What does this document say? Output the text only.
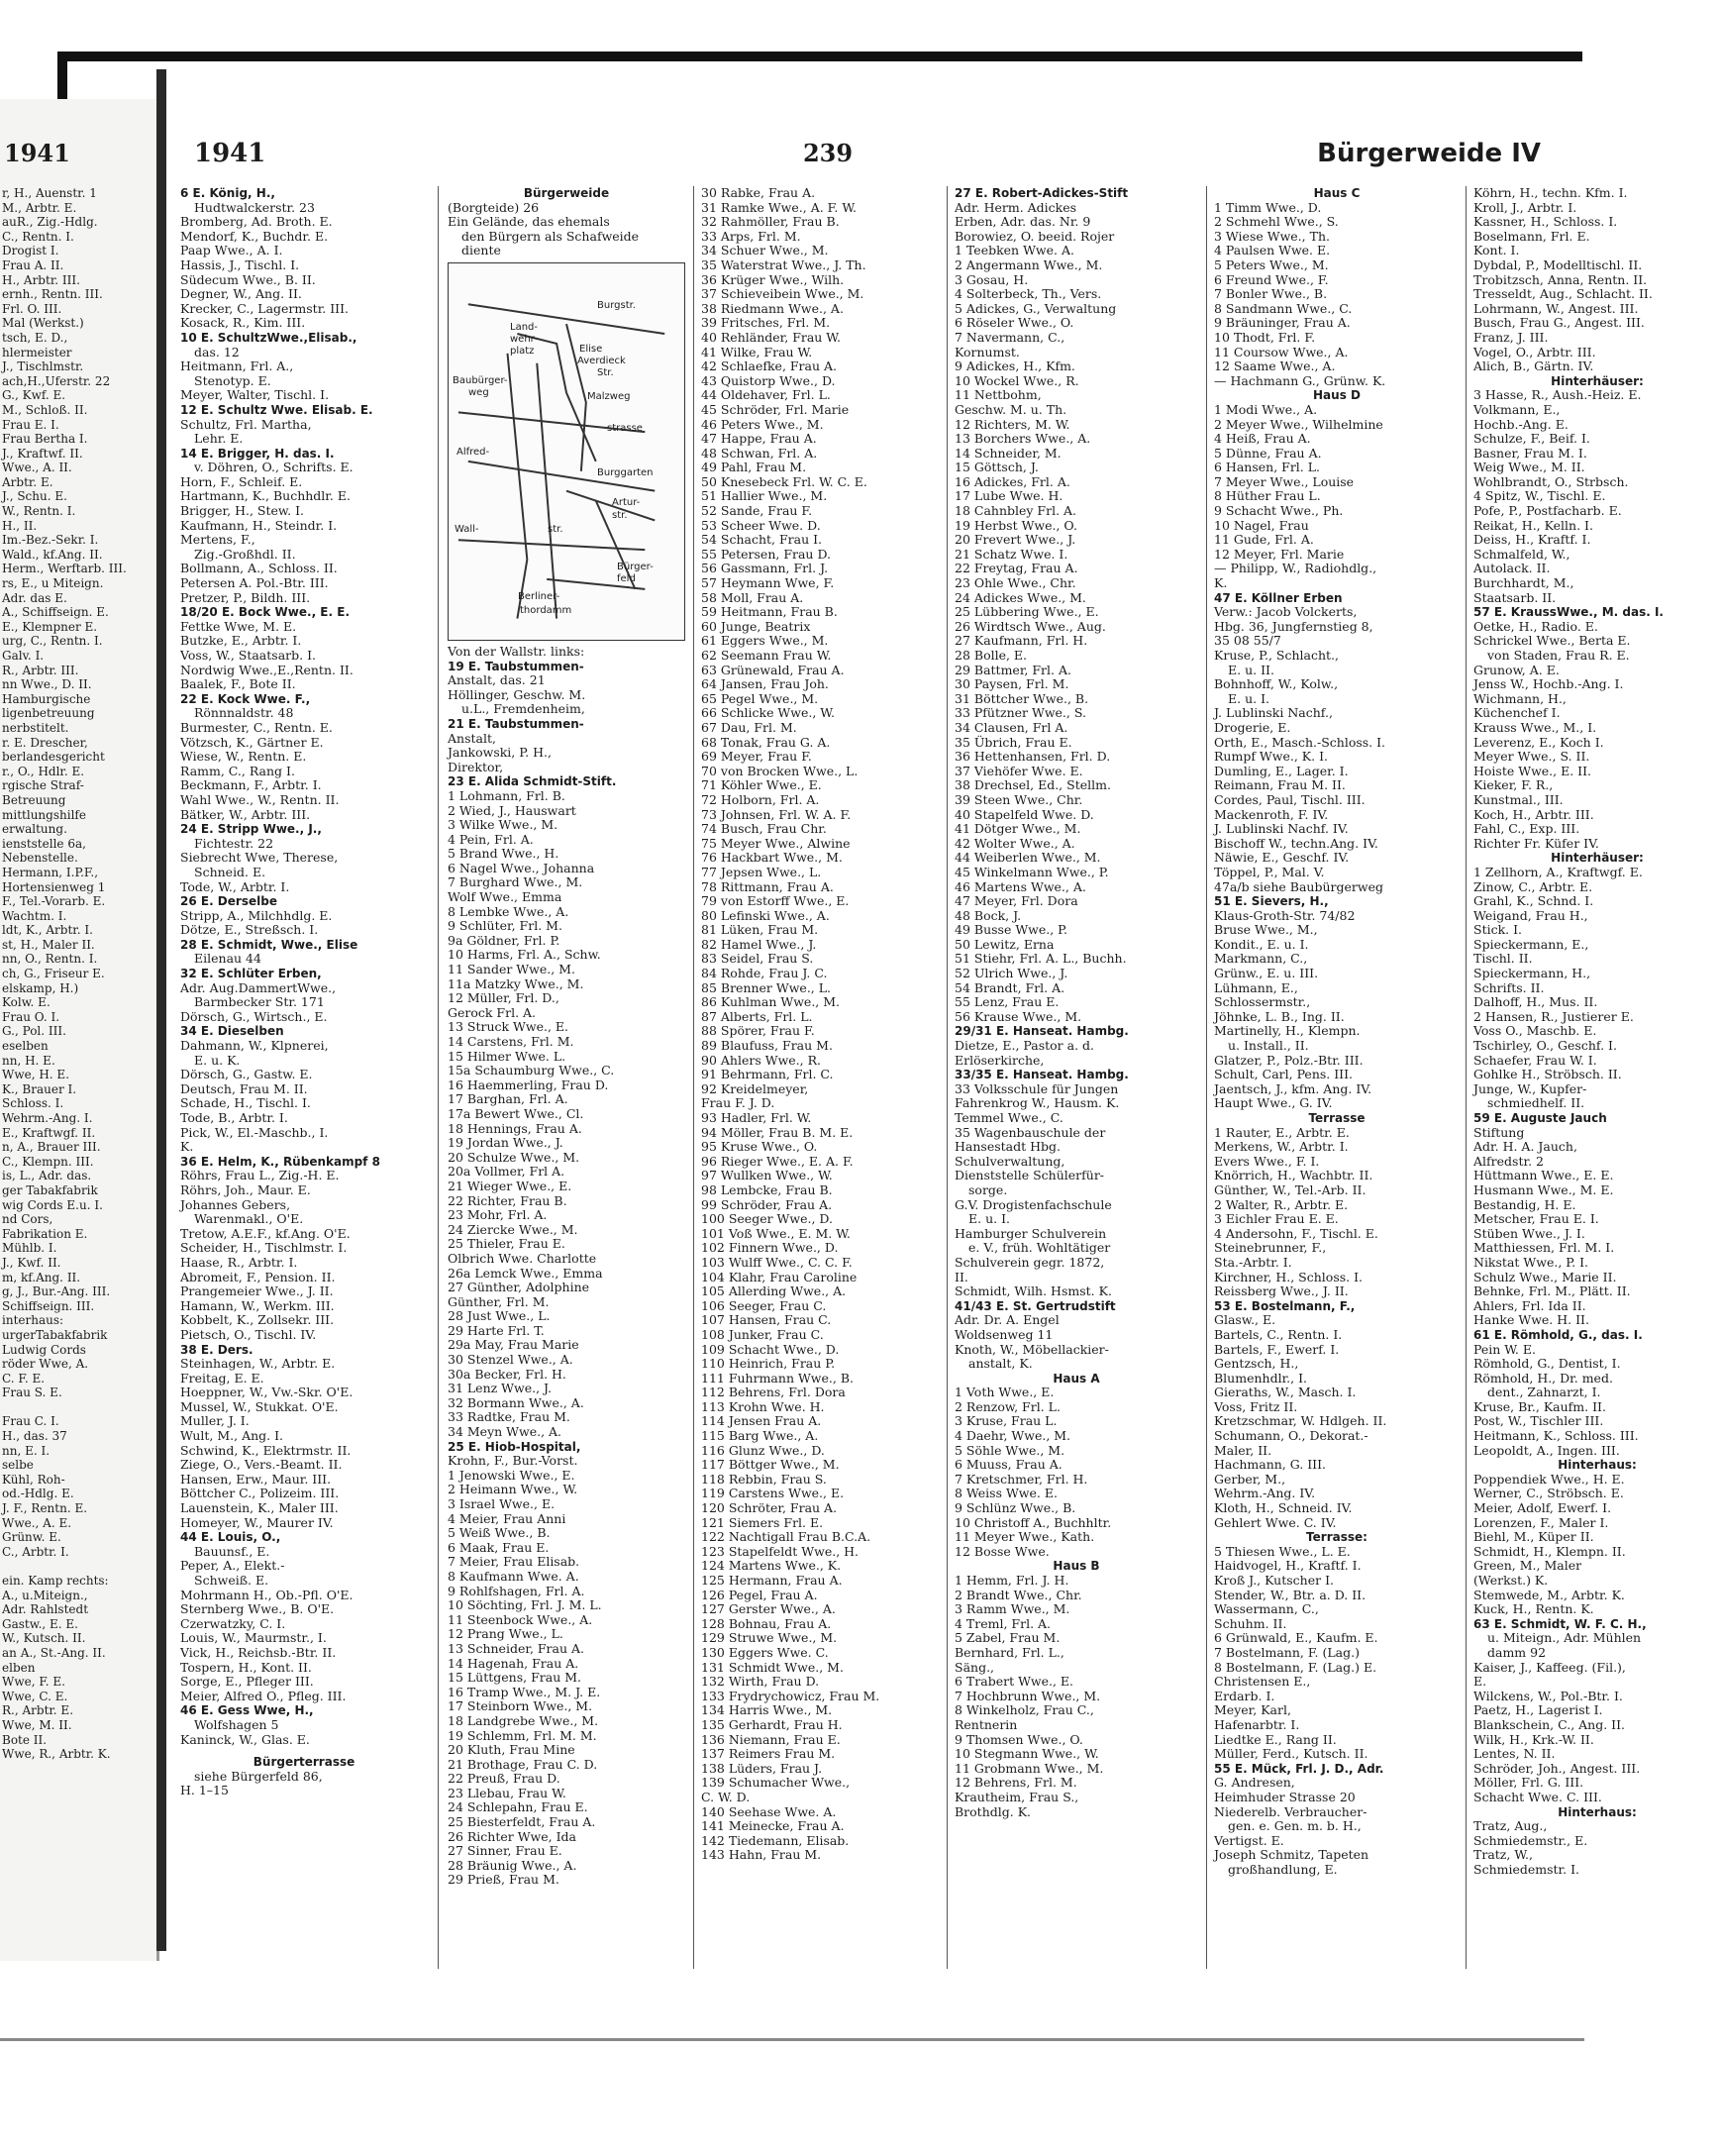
1941
r, H., Auenstr. 1
M., Arbtr. E.
auR., Zig.-Hdlg.
C., Rentn. I.
Drogist I.
Frau A. II.
H., Arbtr. III.
ernh., Rentn. III.
Frl. O. III.
Mal (Werkst.)
tsch, E. D.,
hlermeister
J., Tischlmstr.
ach,H.,Uferstr. 22
G., Kwf. E.
M., Schloß. II.
Frau E. I.
Frau Bertha I.
J., Kraftwf. II.
Wwe., A. II.
Arbtr. E.
J., Schu. E.
W., Rentn. I.
H., II.
Im.-Bez.-Sekr. I.
Wald., kf.Ang. II.
Herm., Werftarb. III.
rs, E., u Miteign.
Adr. das E.
A., Schiffseign. E.
E., Klempner E.
urg, C., Rentn. I.
Galv. I.
R., Arbtr. III.
nn Wwe., D. II.
Hamburgische
ligenbetreuung
nerbstitelt.
r. E. Drescher,
berlandesgericht
r., O., Hdlr. E.
rgische Straf-
Betreuung
mittlungshilfe
erwaltung.
ienststelle 6a,
Nebenstelle.
Hermann, I.P.F.,
Hortensienweg 1
F., Tel.-Vorarb. E.
Wachtm. I.
ldt, K., Arbtr. I.
st, H., Maler II.
nn, O., Rentn. I.
ch, G., Friseur E.
elskamp, H.)
Kolw. E.
Frau O. I.
G., Pol. III.
eselben
nn, H. E.
Wwe, H. E.
K., Brauer I.
Schloss. I.
Wehrm.-Ang. I.
E., Kraftwgf. II.
n, A., Brauer III.
C., Klempn. III.
is, L., Adr. das.
ger Tabakfabrik
wig Cords E.u. I.
nd Cors,
Fabrikation E.
Mühlb. I.
J., Kwf. II.
m, kf.Ang. II.
g, J., Bur.-Ang. III.
Schiffseign. III.
interhaus:
urgerTabakfabrik
Ludwig Cords
röder Wwe, A.
C. F. E.
Frau S. E.
Frau C. I.
H., das. 37
nn, E. I.
selbe
Kühl, Roh-
od.-Hdlg. E.
J. F., Rentn. E.
Wwe., A. E.
Grünw. E.
C., Arbtr. I.
ein. Kamp rechts:
A., u.Miteign.,
Adr. Rahlstedt
Gastw., E. E.
W., Kutsch. II.
an A., St.-Ang. II.
elben
Wwe, F. E.
Wwe, C. E.
R., Arbtr. E.
Wwe, M. II.
Bote II.
Wwe, R., Arbtr. K.
1941	239	Bürgerweide IV
6 E. König, H.,
Hudtwalckerstr. 23
Bromberg, Ad. Broth. E.
Mendorf, K., Buchdr. E.
Paap Wwe., A. I.
Hassis, J., Tischl. I.
Südecum Wwe., B. II.
Degner, W., Ang. II.
Krecker, C., Lagermstr. III.
Kosack, R., Kim. III.
10 E. SchultzWwe.,Elisab.,
das. 12
Heitmann, Frl. A.,
Stenotyp. E.
Meyer, Walter, Tischl. I.
12 E. Schultz Wwe. Elisab. E.
Schultz, Frl. Martha,
Lehr. E.
14 E. Brigger, H. das. I.
v. Döhren, O., Schrifts. E.
Horn, F., Schleif. E.
Hartmann, K., Buchhdlr. E.
Brigger, H., Stew. I.
Kaufmann, H., Steindr. I.
Mertens, F.,
Zig.-Großhdl. II.
Bollmann, A., Schloss. II.
Petersen A. Pol.-Btr. III.
Pretzer, P., Bildh. III.
18/20 E. Bock Wwe., E. E.
Fettke Wwe, M. E.
Butzke, E., Arbtr. I.
Voss, W., Staatsarb. I.
Nordwig Wwe.,E.,Rentn. II.
Baalek, F., Bote II.
22 E. Kock Wwe. F.,
Rönnnaldstr. 48
Burmester, C., Rentn. E.
Vötzsch, K., Gärtner E.
Wiese, W., Rentn. E.
Ramm, C., Rang I.
Beckmann, F., Arbtr. I.
Wahl Wwe., W., Rentn. II.
Bätker, W., Arbtr. III.
24 E. Stripp Wwe., J.,
Fichtestr. 22
Siebrecht Wwe, Therese,
Schneid. E.
Tode, W., Arbtr. I.
26 E. Derselbe
Stripp, A., Milchhdlg. E.
Dötze, E., Streßsch. I.
28 E. Schmidt, Wwe., Elise
Eilenau 44
32 E. Schlüter Erben,
Adr. Aug.DammertWwe.,
Barmbecker Str. 171
Dörsch, G., Wirtsch., E.
34 E. Dieselben
Dahmann, W., Klpnerei,
E. u. K.
Dörsch, G., Gastw. E.
Deutsch, Frau M. II.
Schade, H., Tischl. I.
Tode, B., Arbtr. I.
Pick, W., El.-Maschb., I.
K.
36 E. Helm, K., Rübenkampf 8
Röhrs, Frau L., Zig.-H. E.
Röhrs, Joh., Maur. E.
Johannes Gebers,
Warenmakl., O'E.
Tretow, A.E.F., kf.Ang. O'E.
Scheider, H., Tischlmstr. I.
Haase, R., Arbtr. I.
Abromeit, F., Pension. II.
Prangemeier Wwe., J. II.
Hamann, W., Werkm. III.
Kobbelt, K., Zollsekr. III.
Pietsch, O., Tischl. IV.
38 E. Ders.
Steinhagen, W., Arbtr. E.
Freitag, E. E.
Hoeppner, W., Vw.-Skr. O'E.
Mussel, W., Stukkat. O'E.
Muller, J. I.
Wult, M., Ang. I.
Schwind, K., Elektrmstr. II.
Ziege, O., Vers.-Beamt. II.
Hansen, Erw., Maur. III.
Böttcher C., Polizeim. III.
Lauenstein, K., Maler III.
Homeyer, W., Maurer IV.
44 E. Louis, O.,
Bauunsf., E.
Peper, A., Elekt.-
Schweiß. E.
Mohrmann H., Ob.-Pfl. O'E.
Sternberg Wwe., B. O'E.
Czerwatzky, C. I.
Louis, W., Maurmstr., I.
Vick, H., Reichsb.-Btr. II.
Tospern, H., Kont. II.
Sorge, E., Pfleger III.
Meier, Alfred O., Pfleg. III.
46 E. Gess Wwe, H.,
Wolfshagen 5
Kaninck, W., Glas. E.
Bürgerterrasse
siehe Bürgerfeld 86,
H. 1–15
Bürgerweide
(Borgteide) 26
Ein Gelände, das ehemals
den Bürgern als Schafweide
diente
Burgstr.
Land-
wehr-
platz	Elise
Averdieck
Str.
Malzweg
Baubürger-
weg
strasse
Alfred-
Burggarten
Artur-
str.
Wall-	str.
Berliner-
thordamm
Bürger-
feld
Von der Wallstr. links:
19 E. Taubstummen-
Anstalt, das. 21
Höllinger, Geschw. M.
u.L., Fremdenheim,
21 E. Taubstummen-
Anstalt,
Jankowski, P. H.,
Direktor,
23 E. Alida Schmidt-Stift.
1 Lohmann, Frl. B.
2 Wied, J., Hauswart
3 Wilke Wwe., M.
4 Pein, Frl. A.
5 Brand Wwe., H.
6 Nagel Wwe., Johanna
7 Burghard Wwe., M.
Wolf Wwe., Emma
8 Lembke Wwe., A.
9 Schlüter, Frl. M.
9a Göldner, Frl. P.
10 Harms, Frl. A., Schw.
11 Sander Wwe., M.
11a Matzky Wwe., M.
12 Müller, Frl. D.,
Gerock Frl. A.
13 Struck Wwe., E.
14 Carstens, Frl. M.
15 Hilmer Wwe. L.
15a Schaumburg Wwe., C.
16 Haemmerling, Frau D.
17 Barghan, Frl. A.
17a Bewert Wwe., Cl.
18 Hennings, Frau A.
19 Jordan Wwe., J.
20 Schulze Wwe., M.
20a Vollmer, Frl A.
21 Wieger Wwe., E.
22 Richter, Frau B.
23 Mohr, Frl. A.
24 Ziercke Wwe., M.
25 Thieler, Frau E.
Olbrich Wwe. Charlotte
26a Lemck Wwe., Emma
27 Günther, Adolphine
Günther, Frl. M.
28 Just Wwe., L.
29 Harte Frl. T.
29a May, Frau Marie
30 Stenzel Wwe., A.
30a Becker, Frl. H.
31 Lenz Wwe., J.
32 Bormann Wwe., A.
33 Radtke, Frau M.
34 Meyn Wwe., A.
25 E. Hiob-Hospital,
Krohn, F., Bur.-Vorst.
1 Jenowski Wwe., E.
2 Heimann Wwe., W.
3 Israel Wwe., E.
4 Meier, Frau Anni
5 Weiß Wwe., B.
6 Maak, Frau E.
7 Meier, Frau Elisab.
8 Kaufmann Wwe. A.
9 Rohlfshagen, Frl. A.
10 Söchting, Frl. J. M. L.
11 Steenbock Wwe., A.
12 Prang Wwe., L.
13 Schneider, Frau A.
14 Hagenah, Frau A.
15 Lüttgens, Frau M.
16 Tramp Wwe., M. J. E.
17 Steinborn Wwe., M.
18 Landgrebe Wwe., M.
19 Schlemm, Frl. M. M.
20 Kluth, Frau Mine
21 Brothage, Frau C. D.
22 Preuß, Frau D.
23 Llebau, Frau W.
24 Schlepahn, Frau E.
25 Biesterfeldt, Frau A.
26 Richter Wwe, Ida
27 Sinner, Frau E.
28 Bräunig Wwe., A.
29 Prieß, Frau M.
30 Rabke, Frau A.
31 Ramke Wwe., A. F. W.
32 Rahmöller, Frau B.
33 Arps, Frl. M.
34 Schuer Wwe., M.
35 Waterstrat Wwe., J. Th.
36 Krüger Wwe., Wilh.
37 Schieveibein Wwe., M.
38 Riedmann Wwe., A.
39 Fritsches, Frl. M.
40 Rehländer, Frau W.
41 Wilke, Frau W.
42 Schlaefke, Frau A.
43 Quistorp Wwe., D.
44 Oldehaver, Frl. L.
45 Schröder, Frl. Marie
46 Peters Wwe., M.
47 Happe, Frau A.
48 Schwan, Frl. A.
49 Pahl, Frau M.
50 Knesebeck Frl. W. C. E.
51 Hallier Wwe., M.
52 Sande, Frau F.
53 Scheer Wwe. D.
54 Schacht, Frau I.
55 Petersen, Frau D.
56 Gassmann, Frl. J.
57 Heymann Wwe, F.
58 Moll, Frau A.
59 Heitmann, Frau B.
60 Junge, Beatrix
61 Eggers Wwe., M.
62 Seemann Frau W.
63 Grünewald, Frau A.
64 Jansen, Frau Joh.
65 Pegel Wwe., M.
66 Schlicke Wwe., W.
67 Dau, Frl. M.
68 Tonak, Frau G. A.
69 Meyer, Frau F.
70 von Brocken Wwe., L.
71 Köhler Wwe., E.
72 Holborn, Frl. A.
73 Johnsen, Frl. W. A. F.
74 Busch, Frau Chr.
75 Meyer Wwe., Alwine
76 Hackbart Wwe., M.
77 Jepsen Wwe., L.
78 Rittmann, Frau A.
79 von Estorff Wwe., E.
80 Lefinski Wwe., A.
81 Lüken, Frau M.
82 Hamel Wwe., J.
83 Seidel, Frau S.
84 Rohde, Frau J. C.
85 Brenner Wwe., L.
86 Kuhlman Wwe., M.
87 Alberts, Frl. L.
88 Spörer, Frau F.
89 Blaufuss, Frau M.
90 Ahlers Wwe., R.
91 Behrmann, Frl. C.
92 Kreidelmeyer,
Frau F. J. D.
93 Hadler, Frl. W.
94 Möller, Frau B. M. E.
95 Kruse Wwe., O.
96 Rieger Wwe., E. A. F.
97 Wullken Wwe., W.
98 Lembcke, Frau B.
99 Schröder, Frau A.
100 Seeger Wwe., D.
101 Voß Wwe., E. M. W.
102 Finnern Wwe., D.
103 Wulff Wwe., C. C. F.
104 Klahr, Frau Caroline
105 Allerding Wwe., A.
106 Seeger, Frau C.
107 Hansen, Frau C.
108 Junker, Frau C.
109 Schacht Wwe., D.
110 Heinrich, Frau P.
111 Fuhrmann Wwe., B.
112 Behrens, Frl. Dora
113 Krohn Wwe. H.
114 Jensen Frau A.
115 Barg Wwe., A.
116 Glunz Wwe., D.
117 Böttger Wwe., M.
118 Rebbin, Frau S.
119 Carstens Wwe., E.
120 Schröter, Frau A.
121 Siemers Frl. E.
122 Nachtigall Frau B.C.A.
123 Stapelfeldt Wwe., H.
124 Martens Wwe., K.
125 Hermann, Frau A.
126 Pegel, Frau A.
127 Gerster Wwe., A.
128 Bohnau, Frau A.
129 Struwe Wwe., M.
130 Eggers Wwe. C.
131 Schmidt Wwe., M.
132 Wirth, Frau D.
133 Frydrychowicz, Frau M.
134 Harris Wwe., M.
135 Gerhardt, Frau H.
136 Niemann, Frau E.
137 Reimers Frau M.
138 Lüders, Frau J.
139 Schumacher Wwe.,
C. W. D.
140 Seehase Wwe. A.
141 Meinecke, Frau A.
142 Tiedemann, Elisab.
143 Hahn, Frau M.
27 E. Robert-Adickes-Stift
Adr. Herm. Adickes
Erben, Adr. das. Nr. 9
Borowiez, O. beeid. Rojer
1 Teebken Wwe. A.
2 Angermann Wwe., M.
3 Gosau, H.
4 Solterbeck, Th., Vers.
5 Adickes, G., Verwaltung
6 Röseler Wwe., O.
7 Navermann, C.,
Kornumst.
9 Adickes, H., Kfm.
10 Wockel Wwe., R.
11 Nettbohm,
Geschw. M. u. Th.
12 Richters, M. W.
13 Borchers Wwe., A.
14 Schneider, M.
15 Göttsch, J.
16 Adickes, Frl. A.
17 Lube Wwe. H.
18 Cahnbley Frl. A.
19 Herbst Wwe., O.
20 Frevert Wwe., J.
21 Schatz Wwe. I.
22 Freytag, Frau A.
23 Ohle Wwe., Chr.
24 Adickes Wwe., M.
25 Lübbering Wwe., E.
26 Wirdtsch Wwe., Aug.
27 Kaufmann, Frl. H.
28 Bolle, E.
29 Battmer, Frl. A.
30 Paysen, Frl. M.
31 Böttcher Wwe., B.
33 Pfützner Wwe., S.
34 Clausen, Frl A.
35 Übrich, Frau E.
36 Hettenhansen, Frl. D.
37 Viehöfer Wwe. E.
38 Drechsel, Ed., Stellm.
39 Steen Wwe., Chr.
40 Stapelfeld Wwe. D.
41 Dötger Wwe., M.
42 Wolter Wwe., A.
44 Weiberlen Wwe., M.
45 Winkelmann Wwe., P.
46 Martens Wwe., A.
47 Meyer, Frl. Dora
48 Bock, J.
49 Busse Wwe., P.
50 Lewitz, Erna
51 Stiehr, Frl. A. L., Buchh.
52 Ulrich Wwe., J.
54 Brandt, Frl. A.
55 Lenz, Frau E.
56 Krause Wwe., M.
29/31 E. Hanseat. Hambg.
Dietze, E., Pastor a. d.
Erlöserkirche,
33/35 E. Hanseat. Hambg.
33 Volksschule für Jungen
Fahrenkrog W., Hausm. K.
Temmel Wwe., C.
35 Wagenbauschule der
Hansestadt Hbg.
Schulverwaltung,
Dienststelle Schülerfür-
sorge.
G.V. Drogistenfachschule
E. u. I.
Hamburger Schulverein
e. V., früh. Wohltätiger
Schulverein gegr. 1872,
II.
Schmidt, Wilh. Hsmst. K.
41/43 E. St. Gertrudstift
Adr. Dr. A. Engel
Woldsenweg 11
Knoth, W., Möbellackier-
anstalt, K.
Haus A
1 Voth Wwe., E.
2 Renzow, Frl. L.
3 Kruse, Frau L.
4 Daehr, Wwe., M.
5 Söhle Wwe., M.
6 Muuss, Frau A.
7 Kretschmer, Frl. H.
8 Weiss Wwe. E.
9 Schlünz Wwe., B.
10 Christoff A., Buchhltr.
11 Meyer Wwe., Kath.
12 Bosse Wwe.
Haus B
1 Hemm, Frl. J. H.
2 Brandt Wwe., Chr.
3 Ramm Wwe., M.
4 Treml, Frl. A.
5 Zabel, Frau M.
Bernhard, Frl. L.,
Säng.,
6 Trabert Wwe., E.
7 Hochbrunn Wwe., M.
8 Winkelholz, Frau C.,
Rentnerin
9 Thomsen Wwe., O.
10 Stegmann Wwe., W.
11 Grobmann Wwe., M.
12 Behrens, Frl. M.
Krautheim, Frau S.,
Brothdlg. K.
Haus C
1 Timm Wwe., D.
2 Schmehl Wwe., S.
3 Wiese Wwe., Th.
4 Paulsen Wwe. E.
5 Peters Wwe., M.
6 Freund Wwe., F.
7 Bonler Wwe., B.
8 Sandmann Wwe., C.
9 Bräuninger, Frau A.
10 Thodt, Frl. F.
11 Coursow Wwe., A.
12 Saame Wwe., A.
— Hachmann G., Grünw. K.
Haus D
1 Modi Wwe., A.
2 Meyer Wwe., Wilhelmine
4 Heiß, Frau A.
5 Dünne, Frau A.
6 Hansen, Frl. L.
7 Meyer Wwe., Louise
8 Hüther Frau L.
9 Schacht Wwe., Ph.
10 Nagel, Frau
11 Gude, Frl. A.
12 Meyer, Frl. Marie
— Philipp, W., Radiohdlg.,
K.
47 E. Köllner Erben
Verw.: Jacob Volckerts,
Hbg. 36, Jungfernstieg 8,
35 08 55/7
Kruse, P., Schlacht.,
E. u. II.
Bohnhoff, W., Kolw.,
E. u. I.
J. Lublinski Nachf.,
Drogerie, E.
Orth, E., Masch.-Schloss. I.
Rumpf Wwe., K. I.
Dumling, E., Lager. I.
Reimann, Frau M. II.
Cordes, Paul, Tischl. III.
Mackenroth, F. IV.
J. Lublinski Nachf. IV.
Bischoff W., techn.Ang. IV.
Näwie, E., Geschf. IV.
Töppel, P., Mal. V.
47a/b siehe Baubürgerweg
51 E. Sievers, H.,
Klaus-Groth-Str. 74/82
Bruse Wwe., M.,
Kondit., E. u. I.
Markmann, C.,
Grünw., E. u. III.
Lühmann, E.,
Schlossermstr.,
Jöhnke, L. B., Ing. II.
Martinelly, H., Klempn.
u. Install., II.
Glatzer, P., Polz.-Btr. III.
Schult, Carl, Pens. III.
Jaentsch, J., kfm. Ang. IV.
Haupt Wwe., G. IV.
Terrasse
1 Rauter, E., Arbtr. E.
Merkens, W., Arbtr. I.
Evers Wwe., F. I.
Knörrich, H., Wachbtr. II.
Günther, W., Tel.-Arb. II.
2 Walter, R., Arbtr. E.
3 Eichler Frau E. E.
4 Andersohn, F., Tischl. E.
Steinebrunner, F.,
Sta.-Arbtr. I.
Kirchner, H., Schloss. I.
Reissberg Wwe., J. II.
53 E. Bostelmann, F.,
Glasw., E.
Bartels, C., Rentn. I.
Bartels, F., Ewerf. I.
Gentzsch, H.,
Blumenhdlr., I.
Gieraths, W., Masch. I.
Voss, Fritz II.
Kretzschmar, W. Hdlgeh. II.
Schumann, O., Dekorat.-
Maler, II.
Hachmann, G. III.
Gerber, M.,
Wehrm.-Ang. IV.
Kloth, H., Schneid. IV.
Gehlert Wwe. C. IV.
Terrasse:
5 Thiesen Wwe., L. E.
Haidvogel, H., Kraftf. I.
Kroß J., Kutscher I.
Stender, W., Btr. a. D. II.
Wassermann, C.,
Schuhm. II.
6 Grünwald, E., Kaufm. E.
7 Bostelmann, F. (Lag.)
8 Bostelmann, F. (Lag.) E.
Christensen E.,
Erdarb. I.
Meyer, Karl,
Hafenarbtr. I.
Liedtke E., Rang II.
Müller, Ferd., Kutsch. II.
55 E. Mück, Frl. J. D., Adr.
G. Andresen,
Heimhuder Strasse 20
Niederelb. Verbraucher-
gen. e. Gen. m. b. H.,
Vertigst. E.
Joseph Schmitz, Tapeten
großhandlung, E.
Köhrn, H., techn. Kfm. I.
Kroll, J., Arbtr. I.
Kassner, H., Schloss. I.
Boselmann, Frl. E.
Kont. I.
Dybdal, P., Modelltischl. II.
Trobitzsch, Anna, Rentn. II.
Tresseldt, Aug., Schlacht. II.
Lohrmann, W., Angest. III.
Busch, Frau G., Angest. III.
Franz, J. III.
Vogel, O., Arbtr. III.
Alich, B., Gärtn. IV.
Hinterhäuser:
3 Hasse, R., Aush.-Heiz. E.
Volkmann, E.,
Hochb.-Ang. E.
Schulze, F., Beif. I.
Basner, Frau M. I.
Weig Wwe., M. II.
Wohlbrandt, O., Strbsch.
4 Spitz, W., Tischl. E.
Pofe, P., Postfacharb. E.
Reikat, H., Kelln. I.
Deiss, H., Kraftf. I.
Schmalfeld, W.,
Autolack. II.
Burchhardt, M.,
Staatsarb. II.
57 E. KraussWwe., M. das. I.
Oetke, H., Radio. E.
Schrickel Wwe., Berta E.
von Staden, Frau R. E.
Grunow, A. E.
Jenss W., Hochb.-Ang. I.
Wichmann, H.,
Küchenchef I.
Krauss Wwe., M., I.
Leverenz, E., Koch I.
Meyer Wwe., S. II.
Hoiste Wwe., E. II.
Kieker, F. R.,
Kunstmal., III.
Koch, H., Arbtr. III.
Fahl, C., Exp. III.
Richter Fr. Küfer IV.
Hinterhäuser:
1 Zellhorn, A., Kraftwgf. E.
Zinow, C., Arbtr. E.
Grahl, K., Schnd. I.
Weigand, Frau H.,
Stick. I.
Spieckermann, E.,
Tischl. II.
Spieckermann, H.,
Schrifts. II.
Dalhoff, H., Mus. II.
2 Hansen, R., Justierer E.
Voss O., Maschb. E.
Tschirley, O., Geschf. I.
Schaefer, Frau W. I.
Gohlke H., Ströbsch. II.
Junge, W., Kupfer-
schmiedhelf. II.
59 E. Auguste Jauch
Stiftung
Adr. H. A. Jauch,
Alfredstr. 2
Hüttmann Wwe., E. E.
Husmann Wwe., M. E.
Bestandig, H. E.
Metscher, Frau E. I.
Stüben Wwe., J. I.
Matthiessen, Frl. M. I.
Nikstat Wwe., P. I.
Schulz Wwe., Marie II.
Behnke, Frl. M., Plätt. II.
Ahlers, Frl. Ida II.
Hanke Wwe. H. II.
61 E. Römhold, G., das. I.
Pein W. E.
Römhold, G., Dentist, I.
Römhold, H., Dr. med.
dent., Zahnarzt, I.
Kruse, Br., Kaufm. II.
Post, W., Tischler III.
Heitmann, K., Schloss. III.
Leopoldt, A., Ingen. III.
Hinterhaus:
Poppendiek Wwe., H. E.
Werner, C., Ströbsch. E.
Meier, Adolf, Ewerf. I.
Lorenzen, F., Maler I.
Biehl, M., Küper II.
Schmidt, H., Klempn. II.
Green, M., Maler
(Werkst.) K.
Stemwede, M., Arbtr. K.
Kuck, H., Rentn. K.
63 E. Schmidt, W. F. C. H.,
u. Miteign., Adr. Mühlen
damm 92
Kaiser, J., Kaffeeg. (Fil.),
E.
Wilckens, W., Pol.-Btr. I.
Paetz, H., Lagerist I.
Blankschein, C., Ang. II.
Wilk, H., Krk.-W. II.
Lentes, N. II.
Schröder, Joh., Angest. III.
Möller, Frl. G. III.
Schacht Wwe. C. III.
Hinterhaus:
Tratz, Aug.,
Schmiedemstr., E.
Tratz, W.,
Schmiedemstr. I.
